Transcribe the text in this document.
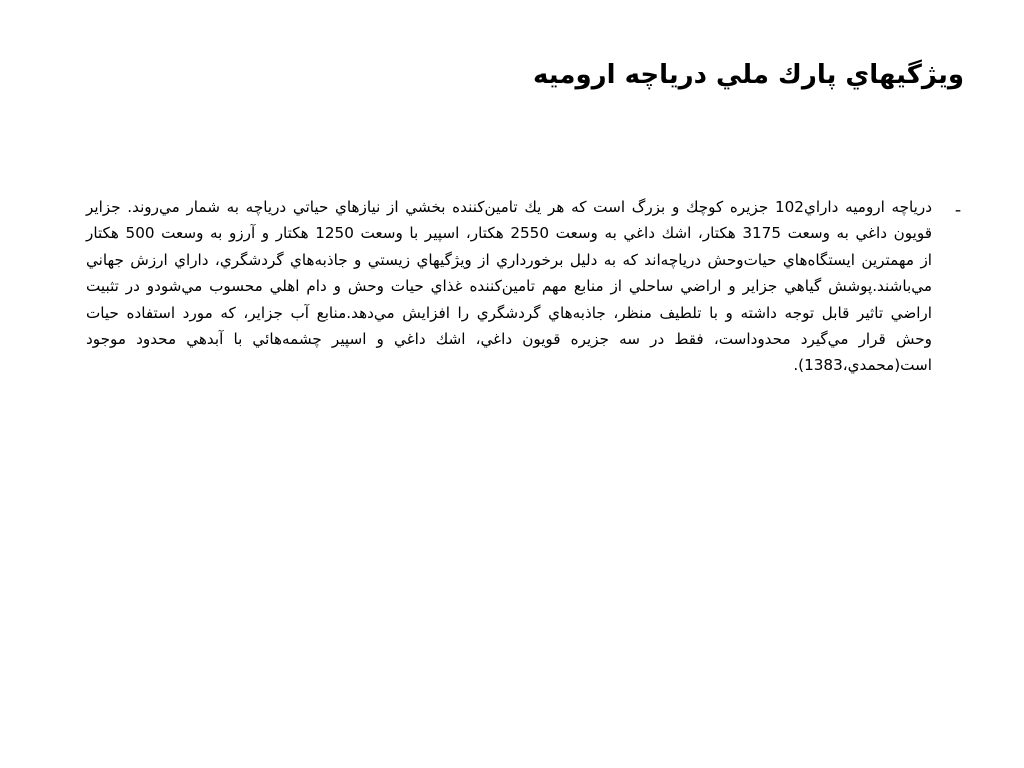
ويژگيهاي پارك ملي درياچه اروميه
-

درياچه اروميه داراي102 جزيره كوچك و بزرگ است كه هر يك تامين‌كننده بخشي از نيازهاي حياتي درياچه به شمار مي‌روند. جزاير قويون داغي به وسعت 3175 هكتار، اشك داغي به وسعت 2550 هكتار، اسپير با وسعت 1250 هكتار و آرزو به وسعت 500 هكتار از مهمترين ايستگاه‌هاي حيات‌وحش درياچه‌اند كه به دليل برخورداري از ويژگيهاي زيستي و جاذبه‌هاي گردشگري، داراي ارزش جهاني مي‌باشند.پوشش گياهي جزاير و اراضي ساحلي از منابع مهم تامين‌كننده غذاي حيات وحش و دام اهلي محسوب مي‌شودو در تثبيت اراضي تاثير قابل توجه داشته و با تلطيف منظر، جاذبه‌هاي گردشگري را افزايش مي‌دهد.منابع آب جزاير، كه مورد استفاده حيات وحش قرار مي‌گيرد محدوداست، فقط در سه جزيره قويون داغي، اشك داغي و اسپير چشمه‌هائي با آبدهي محدود موجود است(محمدي،1383).
